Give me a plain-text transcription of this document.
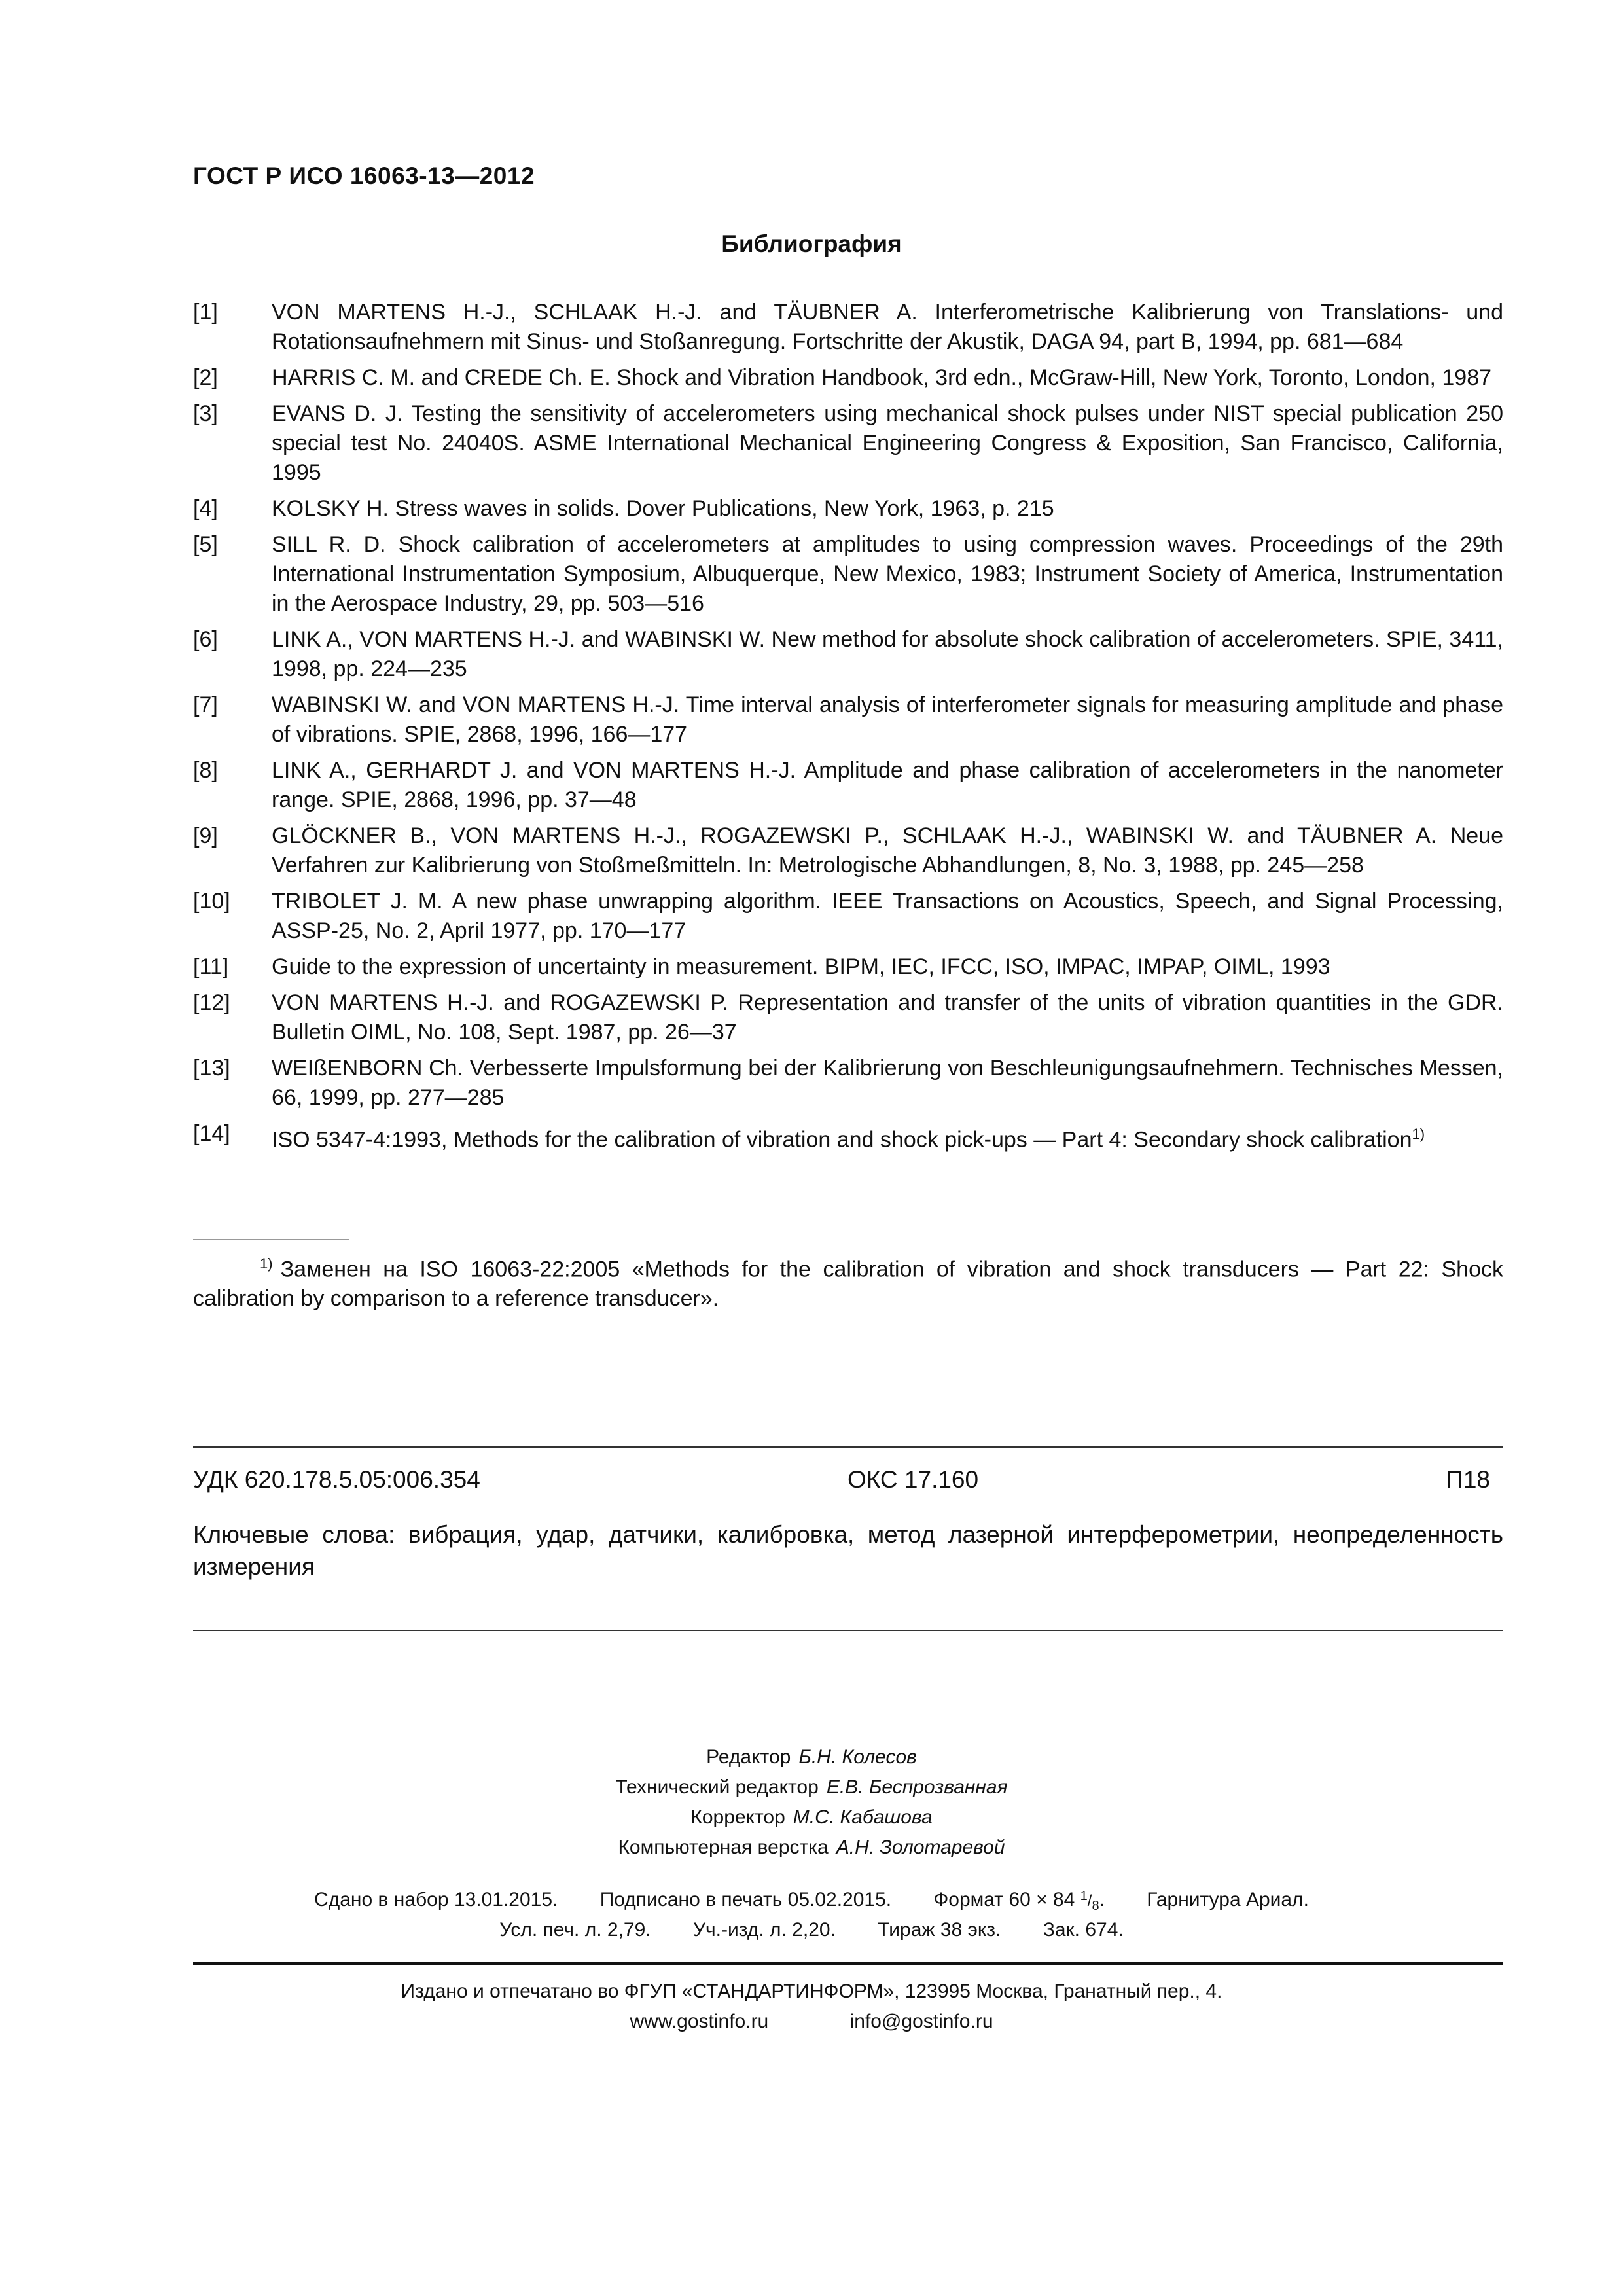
ГОСТ Р ИСО 16063-13—2012
Библиография
[1]	VON MARTENS H.-J., SCHLAAK H.-J. and TÄUBNER A. Interferometrische Kalibrierung von Translations- und Rotationsaufnehmern mit Sinus- und Stoßanregung. Fortschritte der Akustik, DAGA 94, part B, 1994, pp. 681—684
[2]	HARRIS C. M. and CREDE Ch. E. Shock and Vibration Handbook, 3rd edn., McGraw-Hill, New York, Toronto, London, 1987
[3]	EVANS D. J. Testing the sensitivity of accelerometers using mechanical shock pulses under NIST special publication 250 special test No. 24040S. ASME International Mechanical Engineering Congress & Exposition, San Francisco, California, 1995
[4]	KOLSKY H. Stress waves in solids. Dover Publications, New York, 1963, p. 215
[5]	SILL R. D. Shock calibration of accelerometers at amplitudes to using compression waves. Proceedings of the 29th International Instrumentation Symposium, Albuquerque, New Mexico, 1983; Instrument Society of America, Instrumentation in the Aerospace Industry, 29, pp. 503—516
[6]	LINK A., VON MARTENS H.-J. and WABINSKI W. New method for absolute shock calibration of accelerometers. SPIE, 3411, 1998, pp. 224—235
[7]	WABINSKI W. and VON MARTENS H.-J. Time interval analysis of interferometer signals for measuring amplitude and phase of vibrations. SPIE, 2868, 1996, 166—177
[8]	LINK A., GERHARDT J. and VON MARTENS H.-J. Amplitude and phase calibration of accelerometers in the nanometer range. SPIE, 2868, 1996, pp. 37—48
[9]	GLÖCKNER B., VON MARTENS H.-J., ROGAZEWSKI P., SCHLAAK H.-J., WABINSKI W. and TÄUBNER A. Neue Verfahren zur Kalibrierung von Stoßmeßmitteln. In: Metrologische Abhandlungen, 8, No. 3, 1988, pp. 245—258
[10]	TRIBOLET J. M. A new phase unwrapping algorithm. IEEE Transactions on Acoustics, Speech, and Signal Processing, ASSP-25, No. 2, April 1977, pp. 170—177
[11]	Guide to the expression of uncertainty in measurement. BIPM, IEC, IFCC, ISO, IMPAC, IMPAP, OIML, 1993
[12]	VON MARTENS H.-J. and ROGAZEWSKI P. Representation and transfer of the units of vibration quantities in the GDR. Bulletin OIML, No. 108, Sept. 1987, pp. 26—37
[13]	WEIßENBORN Ch. Verbesserte Impulsformung bei der Kalibrierung von Beschleunigungsaufnehmern. Technisches Messen, 66, 1999, pp. 277—285
[14]	ISO 5347-4:1993, Methods for the calibration of vibration and shock pick-ups — Part 4: Secondary shock calibration$^{1)}$
$^{1)}$ Заменен на ISO 16063-22:2005 «Methods for the calibration of vibration and shock transducers — Part 22: Shock calibration by comparison to a reference transducer».
УДК 620.178.5.05:006.354	ОКС 17.160	П18
Ключевые слова: вибрация, удар, датчики, калибровка, метод лазерной интерферометрии, неопределенность измерения
Редактор Б.Н. Колесов
Технический редактор Е.В. Беспрозванная
Корректор М.С. Кабашова
Компьютерная верстка А.Н. Золотаревой
Сдано в набор 13.01.2015. Подписано в печать 05.02.2015. Формат 60 × 84 $^1/_8$. Гарнитура Ариал.
Усл. печ. л. 2,79. Уч.-изд. л. 2,20. Тираж 38 экз. Зак. 674.
Издано и отпечатано во ФГУП «СТАНДАРТИНФОРМ», 123995 Москва, Гранатный пер., 4.
www.gostinfo.ru	info@gostinfo.ru
